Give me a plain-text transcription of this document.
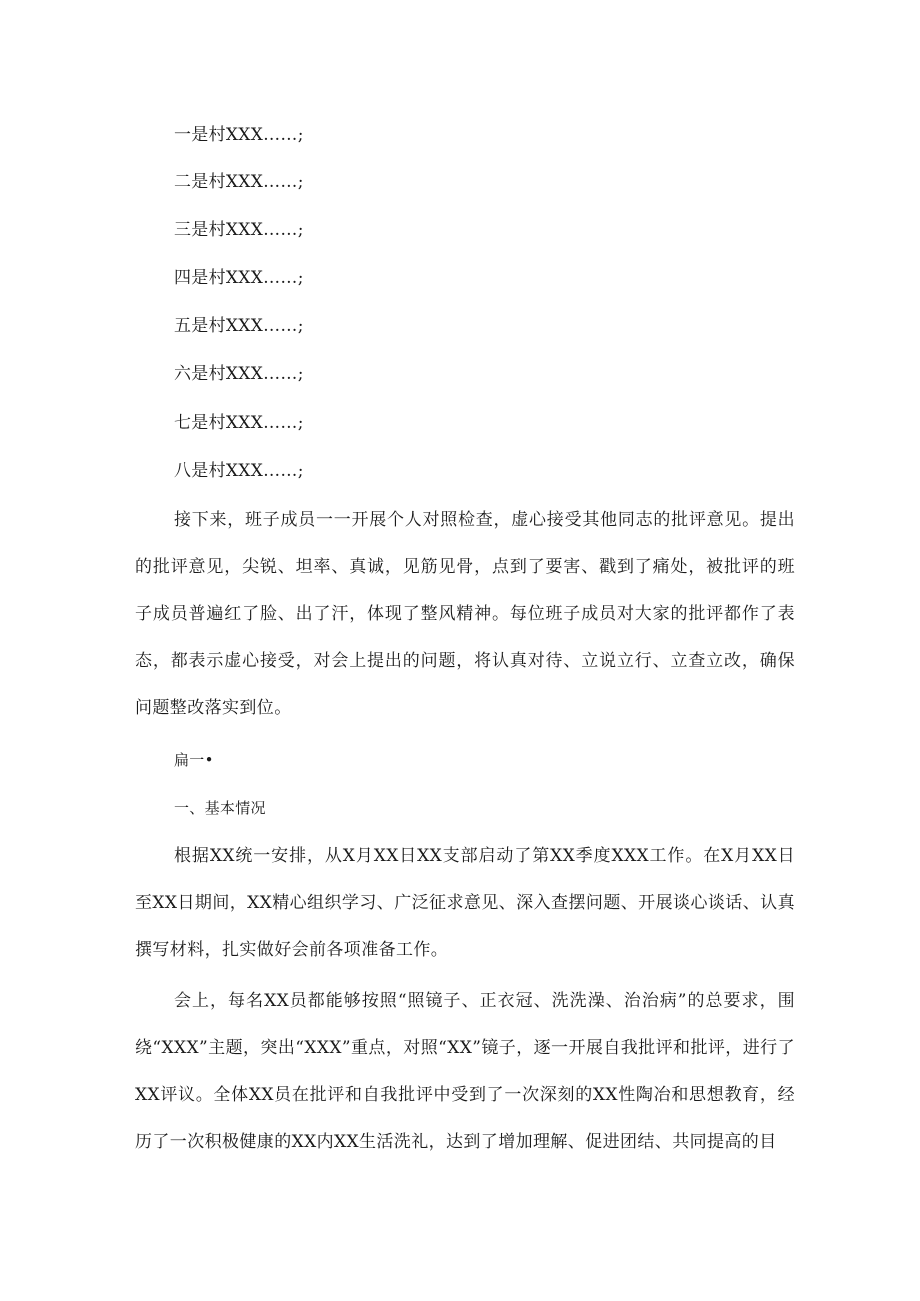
一是村XXX……;
二是村XXX……;
三是村XXX……;
四是村XXX……;
五是村XXX……;
六是村XXX……;
七是村XXX……;
八是村XXX……;

接下来，班子成员一一开展个人对照检查，虚心接受其他同志的批评意见。提出的批评意见，尖锐、坦率、真诚，见筋见骨，点到了要害、戳到了痛处，被批评的班子成员普遍红了脸、出了汗，体现了整风精神。每位班子成员对大家的批评都作了表态，都表示虚心接受，对会上提出的问题，将认真对待、立说立行、立查立改，确保问题整改落实到位。

扁一•
一、基本情况

根据XX统一安排，从X月XX日XX支部启动了第XX季度XXX工作。在X月XX日至XX日期间，XX精心组织学习、广泛征求意见、深入查摆问题、开展谈心谈话、认真撰写材料，扎实做好会前各项准备工作。

会上，每名XX员都能够按照“照镜子、正衣冠、洗洗澡、治治病”的总要求，围绕“XXX”主题，突出“XXX”重点，对照“XX”镜子，逐一开展自我批评和批评，进行了XX评议。全体XX员在批评和自我批评中受到了一次深刻的XX性陶冶和思想教育，经历了一次积极健康的XX内XX生活洗礼，达到了增加理解、促进团结、共同提高的目
